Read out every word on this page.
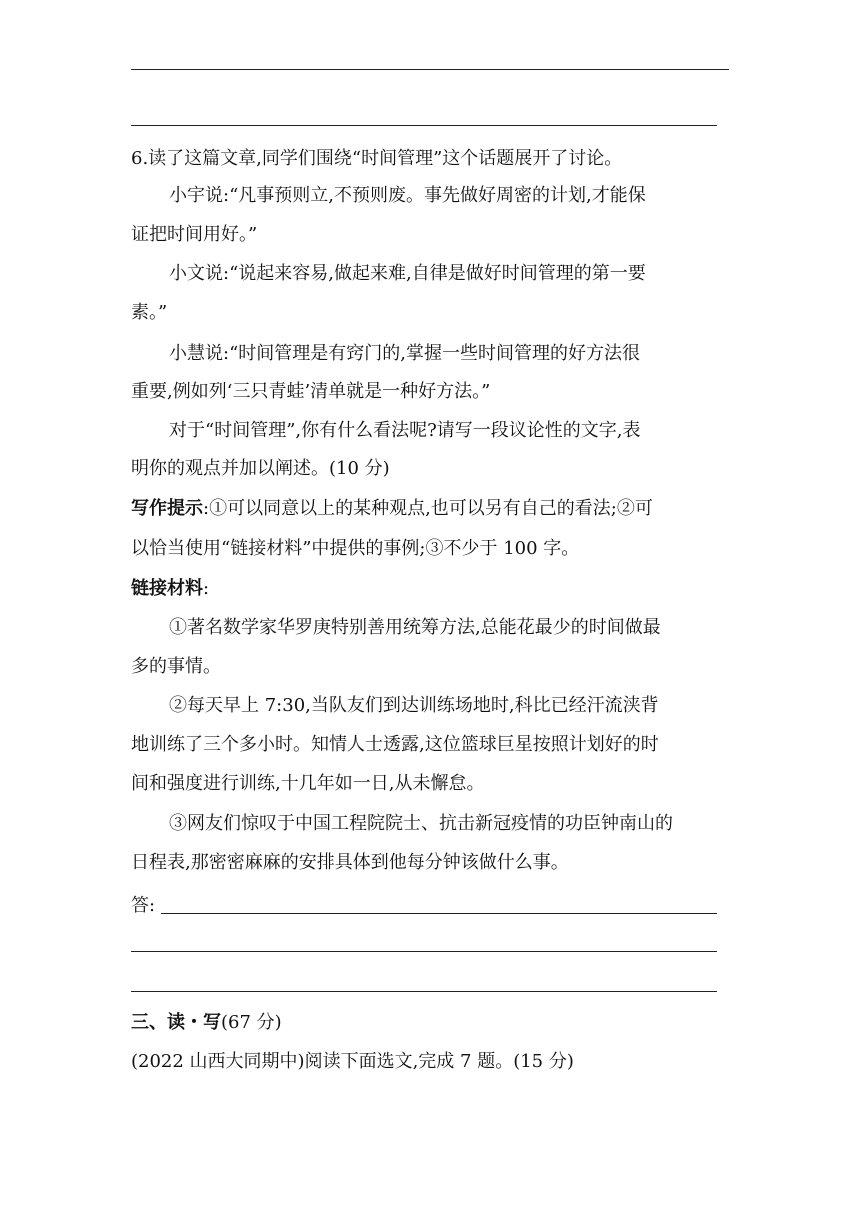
6.读了这篇文章,同学们围绕“时间管理”这个话题展开了讨论。
小宇说:“凡事预则立,不预则废。事先做好周密的计划,才能保
证把时间用好。”
小文说:“说起来容易,做起来难,自律是做好时间管理的第一要
素。”
小慧说:“时间管理是有窍门的,掌握一些时间管理的好方法很
重要,例如列‘三只青蛙’清单就是一种好方法。”
对于“时间管理”,你有什么看法呢?请写一段议论性的文字,表
明你的观点并加以阐述。(10 分)
写作提示:①可以同意以上的某种观点,也可以另有自己的看法;②可
以恰当使用“链接材料”中提供的事例;③不少于 100 字。
链接材料:
①著名数学家华罗庚特别善用统筹方法,总能花最少的时间做最
多的事情。
②每天早上 7:30,当队友们到达训练场地时,科比已经汗流浃背
地训练了三个多小时。知情人士透露,这位篮球巨星按照计划好的时
间和强度进行训练,十几年如一日,从未懈怠。
③网友们惊叹于中国工程院院士、抗击新冠疫情的功臣钟南山的
日程表,那密密麻麻的安排具体到他每分钟该做什么事。
答:
三、读・写(67 分)
(2022 山西大同期中)阅读下面选文,完成 7 题。(15 分)
